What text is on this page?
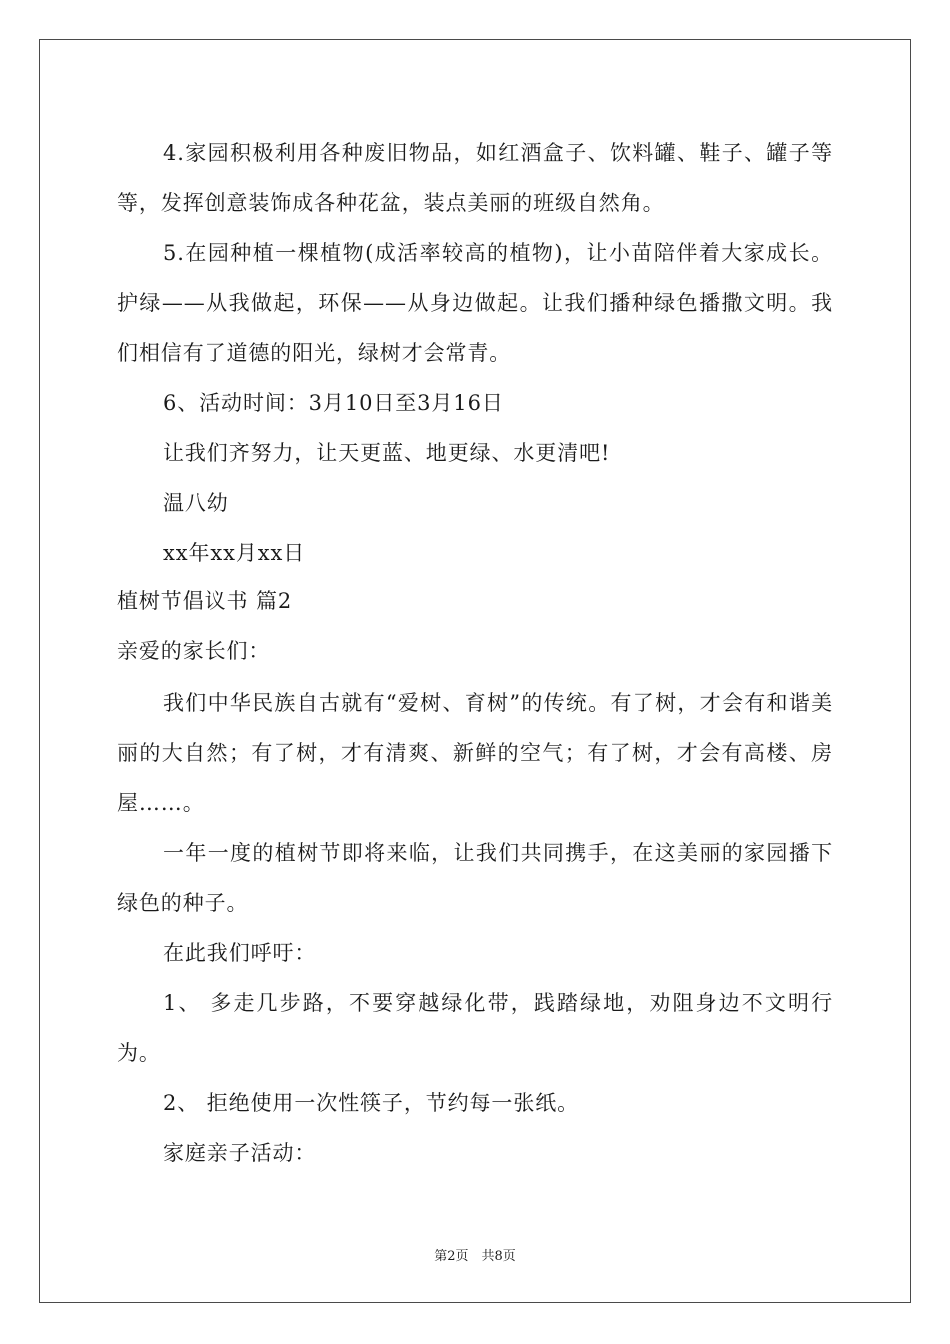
4.家园积极利用各种废旧物品，如红酒盒子、饮料罐、鞋子、罐子等等，发挥创意装饰成各种花盆，装点美丽的班级自然角。
5.在园种植一棵植物(成活率较高的植物)，让小苗陪伴着大家成长。 护绿——从我做起，环保——从身边做起。让我们播种绿色播撒文明。我们相信有了道德的阳光，绿树才会常青。
6、活动时间：3月10日至3月16日
让我们齐努力，让天更蓝、地更绿、水更清吧!
温八幼
xx年xx月xx日
植树节倡议书 篇2
亲爱的家长们：
我们中华民族自古就有“爱树、育树”的传统。有了树，才会有和谐美丽的大自然；有了树，才有清爽、新鲜的空气；有了树，才会有高楼、房屋……。
一年一度的植树节即将来临，让我们共同携手，在这美丽的家园播下绿色的种子。
在此我们呼吁：
1、 多走几步路，不要穿越绿化带，践踏绿地，劝阻身边不文明行为。
2、 拒绝使用一次性筷子，节约每一张纸。
家庭亲子活动：
第2页　共8页
